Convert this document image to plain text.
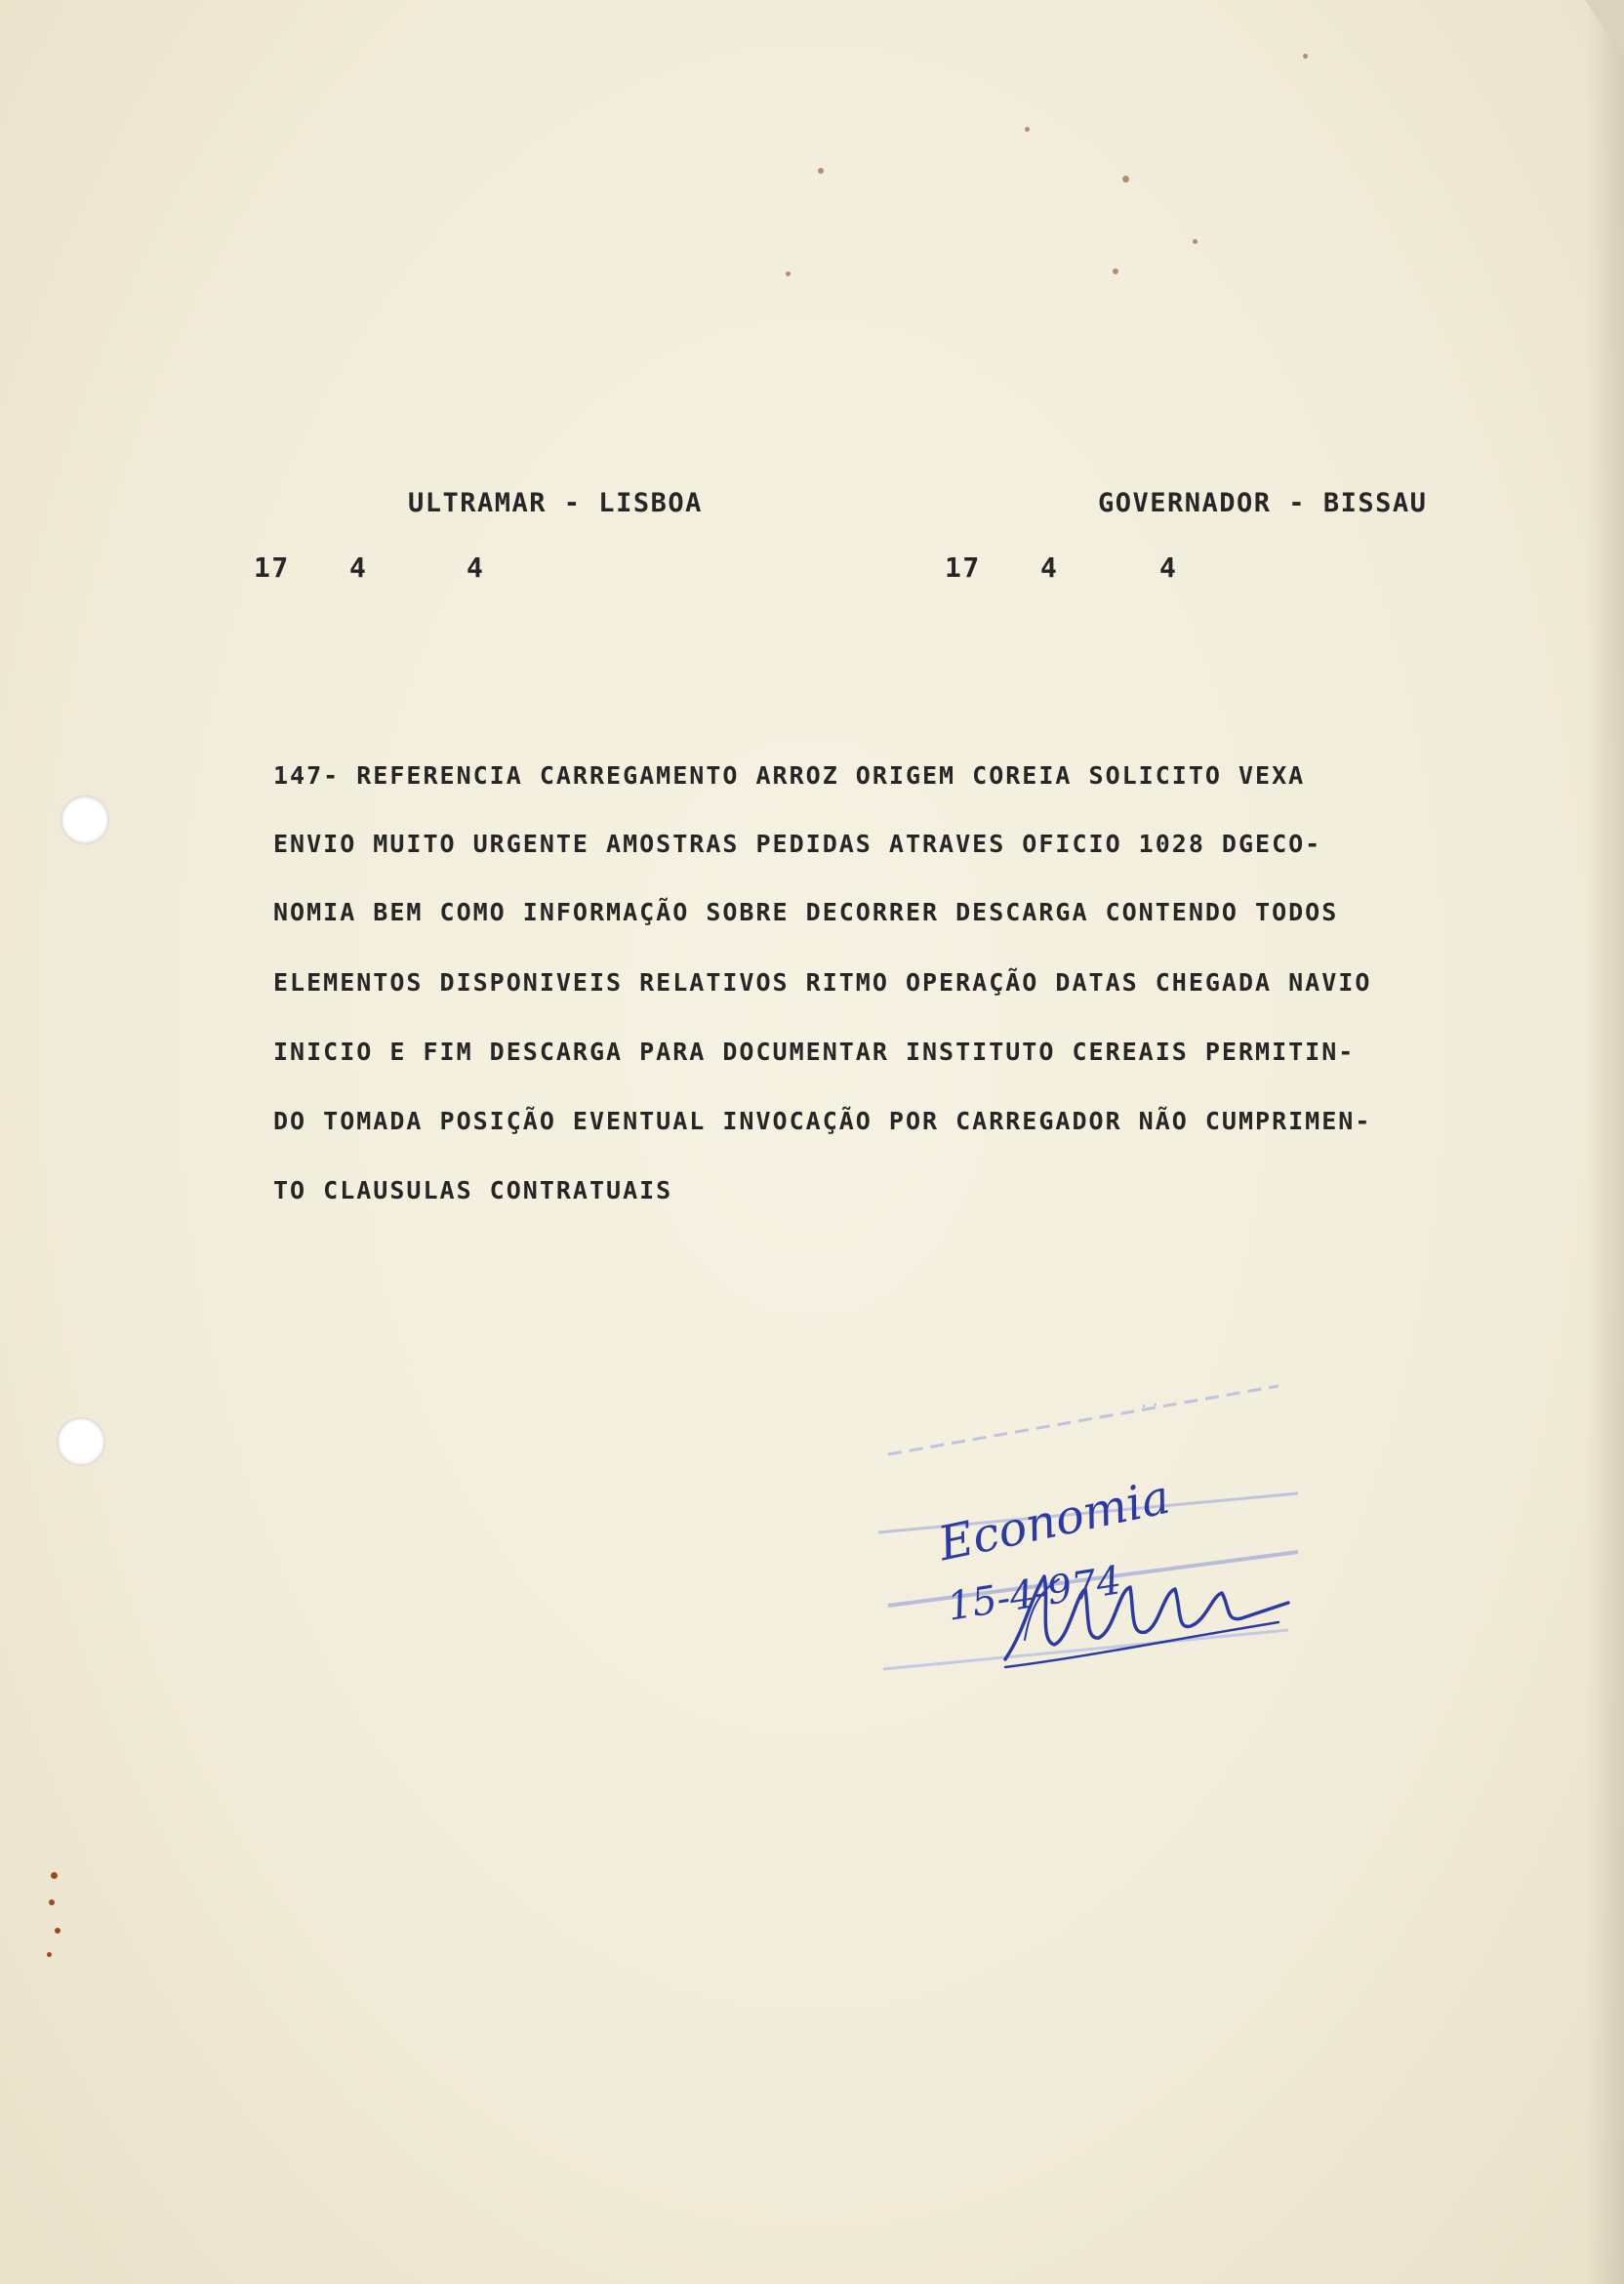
ULTRAMAR - LISBOA	GOVERNADOR - BISSAU
17 4	4	17 4	4
147- REFERENCIA CARREGAMENTO ARROZ ORIGEM COREIA SOLICITO VEXA
ENVIO MUITO URGENTE AMOSTRAS PEDIDAS ATRAVES OFICIO 1028 DGECO-
NOMIA BEM COMO INFORMAÇÃO SOBRE DECORRER DESCARGA CONTENDO TODOS
ELEMENTOS DISPONIVEIS RELATIVOS RITMO OPERAÇÃO DATAS CHEGADA NAVIO
INICIO E FIM DESCARGA PARA DOCUMENTAR INSTITUTO CEREAIS PERMITIN-
DO TOMADA POSIÇÃO EVENTUAL INVOCAÇÃO POR CARREGADOR NÃO CUMPRIMEN-
TO CLAUSULAS CONTRATUAIS
· ·
Economia
15-4-974
